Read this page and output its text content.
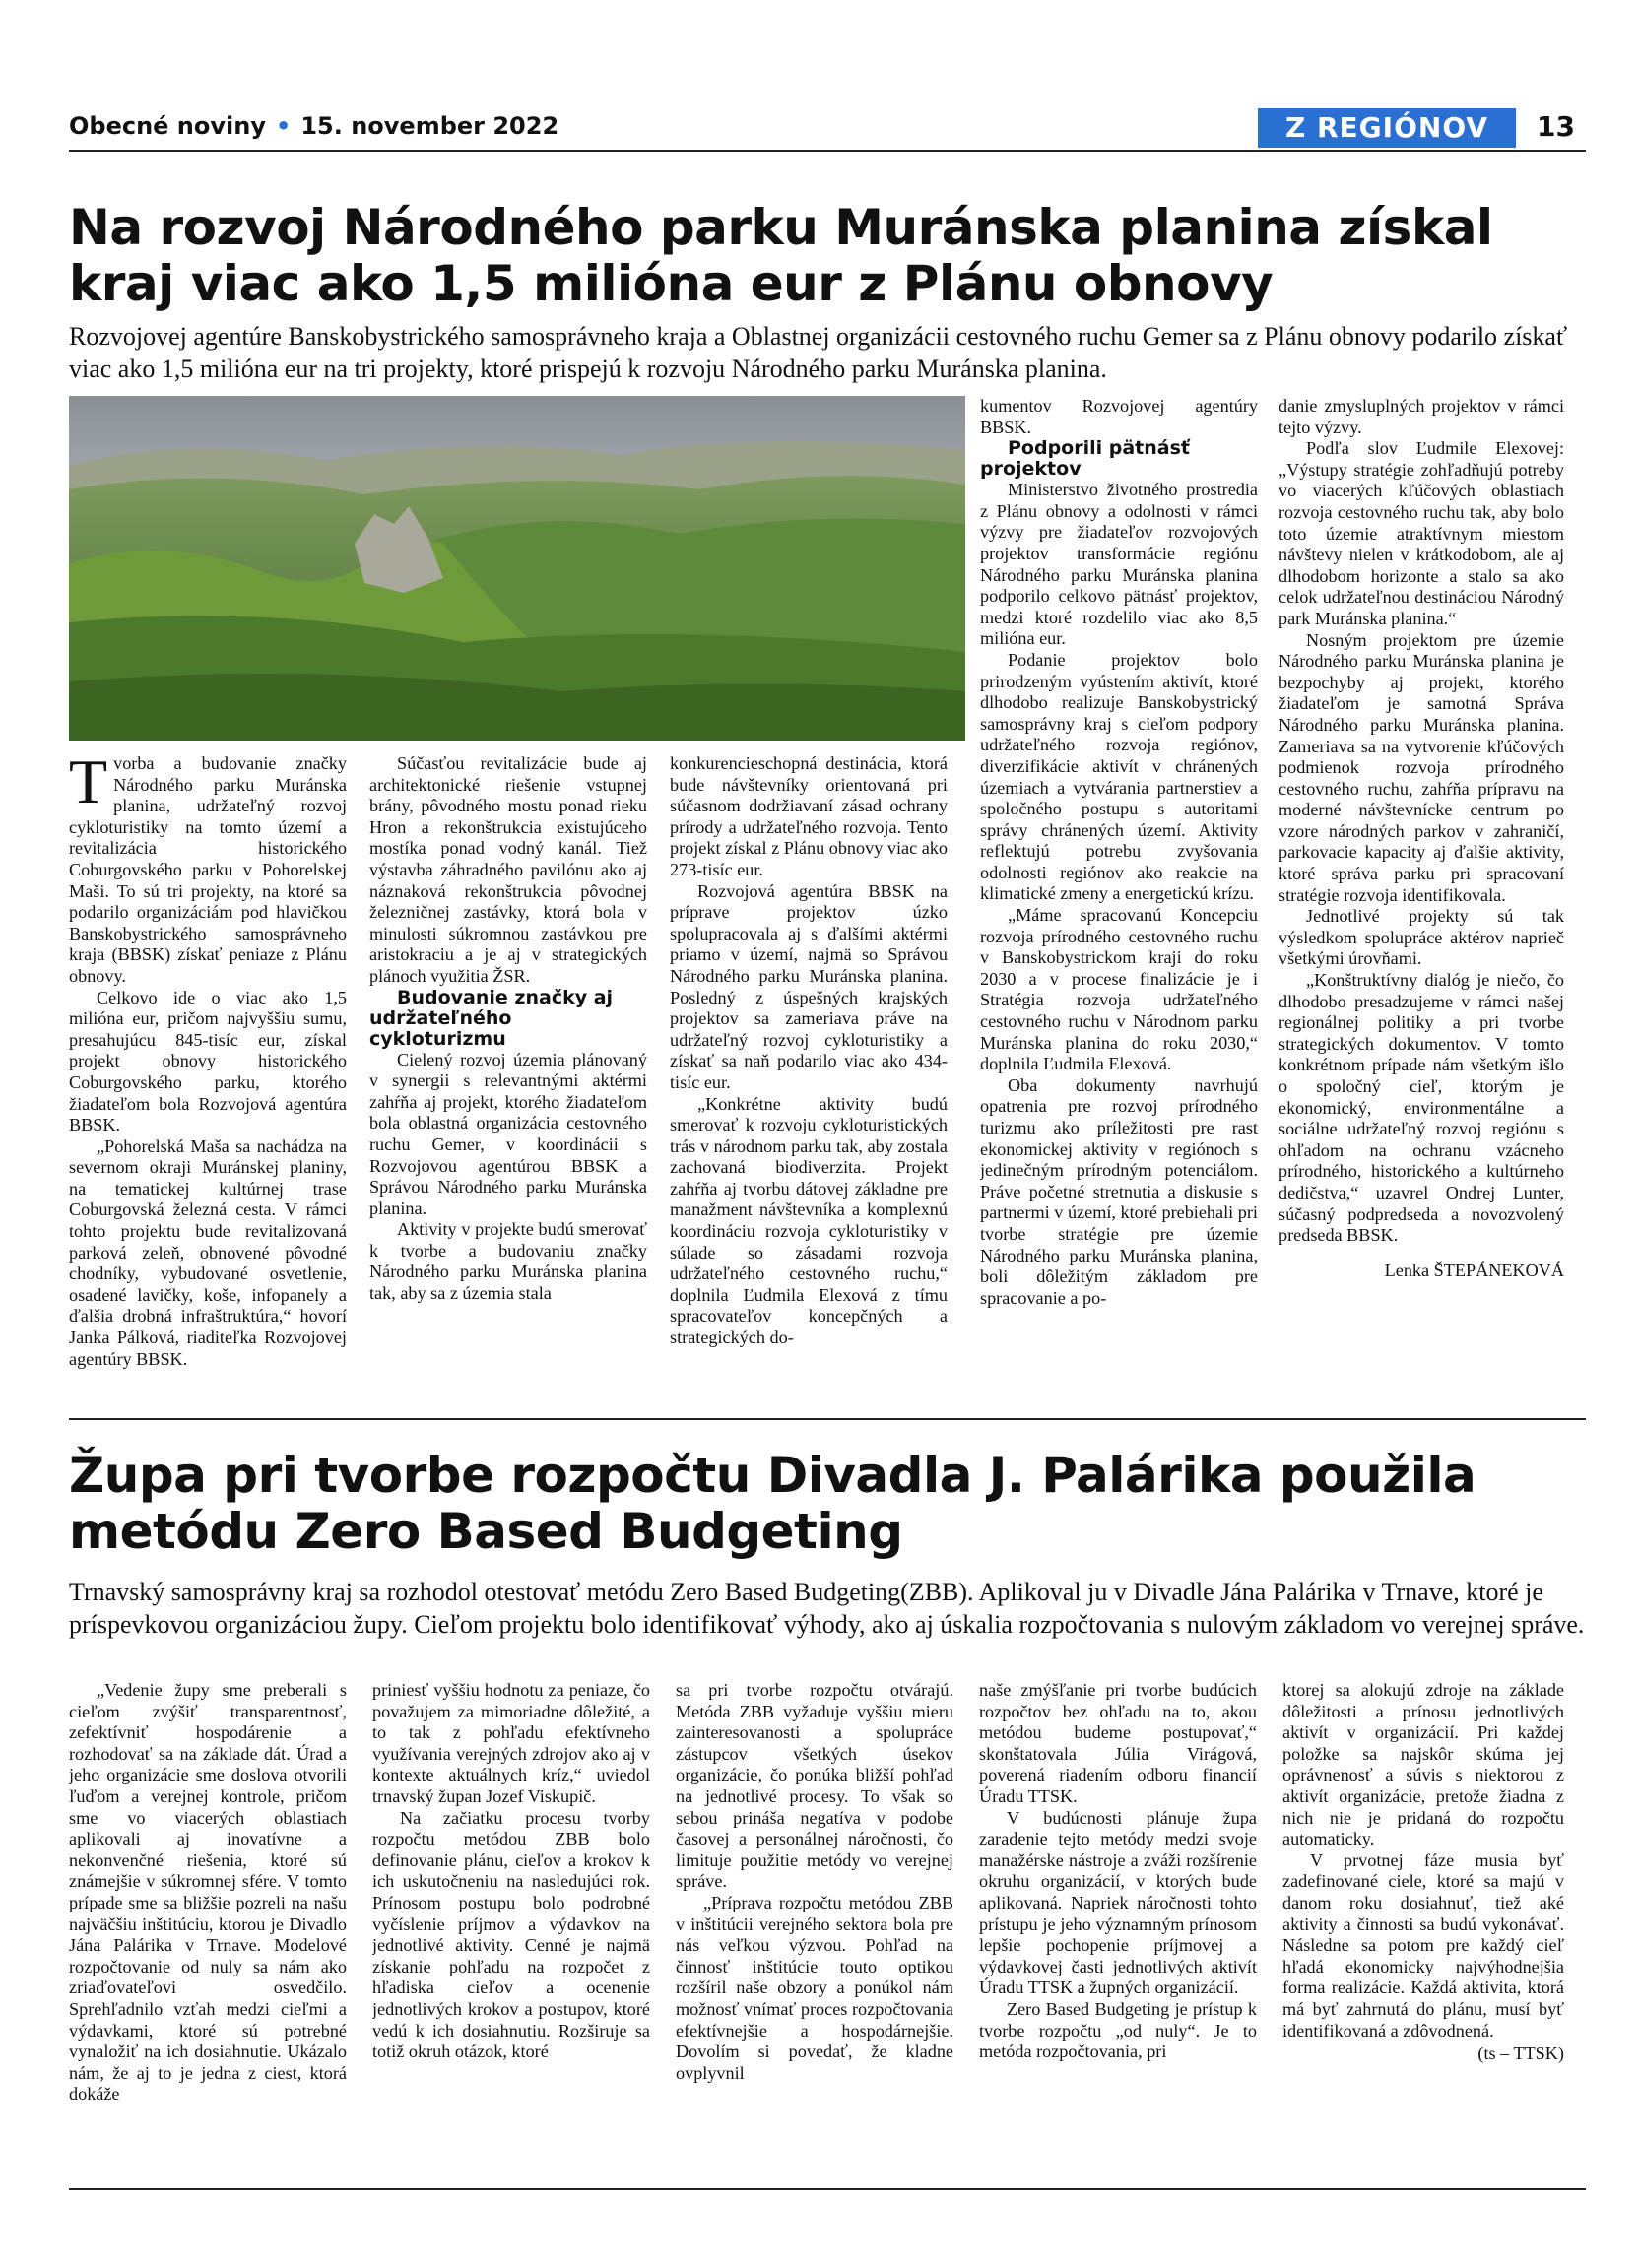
Obecné noviny • 15. november 2022	Z REGIÓNOV	13
Na rozvoj Národného parku Muránska planina získal
kraj viac ako 1,5 milióna eur z Plánu obnovy

Rozvojovej agentúre Banskobystrického samosprávneho kraja a Oblastnej organizácii cestovného ruchu Gemer sa z Plánu obnovy podarilo získať viac ako 1,5 milióna eur na tri projekty, ktoré prispejú k rozvoju Národného parku Muránska planina.

Tvorba a budovanie značky Národného parku Muránska planina, udržateľný rozvoj cykloturistiky na tomto území a revitalizácia historického Coburgovského parku v Pohorelskej Maši. To sú tri projekty, na ktoré sa podarilo organizáciám pod hlavičkou Banskobystrického samosprávneho kraja (BBSK) získať peniaze z Plánu obnovy.

Celkovo ide o viac ako 1,5 milióna eur, pričom najvyššiu sumu, presahujúcu 845-tisíc eur, získal projekt obnovy historického Coburgovského parku, ktorého žiadateľom bola Rozvojová agentúra BBSK.

„Pohorelská Maša sa nachádza na severnom okraji Muránskej planiny, na tematickej kultúrnej trase Coburgovská železná cesta. V rámci tohto projektu bude revitalizovaná parková zeleň, obnovené pôvodné chodníky, vybudované osvetlenie, osadené lavičky, koše, infopanely a ďalšia drobná infraštruktúra,“ hovorí Janka Pálková, riaditeľka Rozvojovej agentúry BBSK.

Súčasťou revitalizácie bude aj architektonické riešenie vstupnej brány, pôvodného mostu ponad rieku Hron a rekonštrukcia existujúceho mostíka ponad vodný kanál. Tiež výstavba záhradného pavilónu ako aj náznaková rekonštrukcia pôvodnej železničnej zastávky, ktorá bola v minulosti súkromnou zastávkou pre aristokraciu a je aj v strategických plánoch využitia ŽSR.

Budovanie značky aj udržateľného cykloturizmu

Cielený rozvoj územia plánovaný v synergii s relevantnými aktérmi zahŕňa aj projekt, ktorého žiadateľom bola oblastná organizácia cestovného ruchu Gemer, v koordinácii s Rozvojovou agentúrou BBSK a Správou Národného parku Muránska planina.

Aktivity v projekte budú smerovať k tvorbe a budovaniu značky Národného parku Muránska planina tak, aby sa z územia stala

konkurencieschopná destinácia, ktorá bude návštevníky orientovaná pri súčasnom dodržiavaní zásad ochrany prírody a udržateľného rozvoja. Tento projekt získal z Plánu obnovy viac ako 273-tisíc eur.

Rozvojová agentúra BBSK na príprave projektov úzko spolupracovala aj s ďalšími aktérmi priamo v území, najmä so Správou Národného parku Muránska planina. Posledný z úspešných krajských projektov sa zameriava práve na udržateľný rozvoj cykloturistiky a získať sa naň podarilo viac ako 434-tisíc eur.

„Konkrétne aktivity budú smerovať k rozvoju cykloturistických trás v národnom parku tak, aby zostala zachovaná biodiverzita. Projekt zahŕňa aj tvorbu dátovej základne pre manažment návštevníka a komplexnú koordináciu rozvoja cykloturistiky v súlade so zásadami rozvoja udržateľného cestovného ruchu,“ doplnila Ľudmila Elexová z tímu spracovateľov koncepčných a strategických do-

kumentov Rozvojovej agentúry BBSK.

Podporili pätnásť projektov

Ministerstvo životného prostredia z Plánu obnovy a odolnosti v rámci výzvy pre žiadateľov rozvojových projektov transformácie regiónu Národného parku Muránska planina podporilo celkovo pätnásť projektov, medzi ktoré rozdelilo viac ako 8,5 milióna eur.

Podanie projektov bolo prirodzeným vyústením aktivít, ktoré dlhodobo realizuje Banskobystrický samosprávny kraj s cieľom podpory udržateľného rozvoja regiónov, diverzifikácie aktivít v chránených územiach a vytvárania partnerstiev a spoločného postupu s autoritami správy chránených území. Aktivity reflektujú potrebu zvyšovania odolnosti regiónov ako reakcie na klimatické zmeny a energetickú krízu.

„Máme spracovanú Koncepciu rozvoja prírodného cestovného ruchu v Banskobystrickom kraji do roku 2030 a v procese finalizácie je i Stratégia rozvoja udržateľného cestovného ruchu v Národnom parku Muránska planina do roku 2030,“ doplnila Ľudmila Elexová.

Oba dokumenty navrhujú opatrenia pre rozvoj prírodného turizmu ako príležitosti pre rast ekonomickej aktivity v regiónoch s jedinečným prírodným potenciálom. Práve početné stretnutia a diskusie s partnermi v území, ktoré prebiehali pri tvorbe stratégie pre územie Národného parku Muránska planina, boli dôležitým základom pre spracovanie a po-

danie zmysluplných projektov v rámci tejto výzvy.

Podľa slov Ľudmile Elexovej: „Výstupy stratégie zohľadňujú potreby vo viacerých kľúčových oblastiach rozvoja cestovného ruchu tak, aby bolo toto územie atraktívnym miestom návštevy nielen v krátkodobom, ale aj dlhodobom horizonte a stalo sa ako celok udržateľnou destináciou Národný park Muránska planina.“

Nosným projektom pre územie Národného parku Muránska planina je bezpochyby aj projekt, ktorého žiadateľom je samotná Správa Národného parku Muránska planina. Zameriava sa na vytvorenie kľúčových podmienok rozvoja prírodného cestovného ruchu, zahŕňa prípravu na moderné návštevnícke centrum po vzore národných parkov v zahraničí, parkovacie kapacity aj ďalšie aktivity, ktoré správa parku pri spracovaní stratégie rozvoja identifikovala.

Jednotlivé projekty sú tak výsledkom spolupráce aktérov naprieč všetkými úrovňami.

„Konštruktívny dialóg je niečo, čo dlhodobo presadzujeme v rámci našej regionálnej politiky a pri tvorbe strategických dokumentov. V tomto konkrétnom prípade nám všetkým išlo o spoločný cieľ, ktorým je ekonomický, environmentálne a sociálne udržateľný rozvoj regiónu s ohľadom na ochranu vzácneho prírodného, historického a kultúrneho dedičstva,“ uzavrel Ondrej Lunter, súčasný podpredseda a novozvolený predseda BBSK.

Lenka ŠTEPÁNEKOVÁ

Župa pri tvorbe rozpočtu Divadla J. Palárika použila
metódu Zero Based Budgeting

Trnavský samosprávny kraj sa rozhodol otestovať metódu Zero Based Budgeting(ZBB). Aplikoval ju v Divadle Jána Palárika v Trnave, ktoré je príspevkovou organizáciou župy. Cieľom projektu bolo identifikovať výhody, ako aj úskalia rozpočtovania s nulovým základom vo verejnej správe.

„Vedenie župy sme preberali s cieľom zvýšiť transparentnosť, zefektívniť hospodárenie a rozhodovať sa na základe dát. Úrad a jeho organizácie sme doslova otvorili ľuďom a verejnej kontrole, pričom sme vo viacerých oblastiach aplikovali aj inovatívne a nekonvenčné riešenia, ktoré sú známejšie v súkromnej sfére. V tomto prípade sme sa bližšie pozreli na našu najväčšiu inštitúciu, ktorou je Divadlo Jána Palárika v Trnave. Modelové rozpočtovanie od nuly sa nám ako zriaďovateľovi osvedčilo. Sprehľadnilo vzťah medzi cieľmi a výdavkami, ktoré sú potrebné vynaložiť na ich dosiahnutie. Ukázalo nám, že aj to je jedna z ciest, ktorá dokáže

priniesť vyššiu hodnotu za peniaze, čo považujem za mimoriadne dôležité, a to tak z pohľadu efektívneho využívania verejných zdrojov ako aj v kontexte aktuálnych kríz,“ uviedol trnavský župan Jozef Viskupič.

Na začiatku procesu tvorby rozpočtu metódou ZBB bolo definovanie plánu, cieľov a krokov k ich uskutočneniu na nasledujúci rok. Prínosom postupu bolo podrobné vyčíslenie príjmov a výdavkov na jednotlivé aktivity. Cenné je najmä získanie pohľadu na rozpočet z hľadiska cieľov a ocenenie jednotlivých krokov a postupov, ktoré vedú k ich dosiahnutiu. Rozširuje sa totiž okruh otázok, ktoré

sa pri tvorbe rozpočtu otvárajú. Metóda ZBB vyžaduje vyššiu mieru zainteresovanosti a spolupráce zástupcov všetkých úsekov organizácie, čo ponúka bližší pohľad na jednotlivé procesy. To však so sebou prináša negatíva v podobe časovej a personálnej náročnosti, čo limituje použitie metódy vo verejnej správe.

„Príprava rozpočtu metódou ZBB v inštitúcii verejného sektora bola pre nás veľkou výzvou. Pohľad na činnosť inštitúcie touto optikou rozšíril naše obzory a ponúkol nám možnosť vnímať proces rozpočtovania efektívnejšie a hospodárnejšie. Dovolím si povedať, že kladne ovplyvnil

naše zmýšľanie pri tvorbe budúcich rozpočtov bez ohľadu na to, akou metódou budeme postupovať,“ skonštatovala Júlia Virágová, poverená riadením odboru financií Úradu TTSK.

V budúcnosti plánuje župa zaradenie tejto metódy medzi svoje manažérske nástroje a zváži rozšírenie okruhu organizácií, v ktorých bude aplikovaná. Napriek náročnosti tohto prístupu je jeho významným prínosom lepšie pochopenie príjmovej a výdavkovej časti jednotlivých aktivít Úradu TTSK a župných organizácií.

Zero Based Budgeting je prístup k tvorbe rozpočtu „od nuly“. Je to metóda rozpočtovania, pri

ktorej sa alokujú zdroje na základe dôležitosti a prínosu jednotlivých aktivít v organizácií. Pri každej položke sa najskôr skúma jej oprávnenosť a súvis s niektorou z aktivít organizácie, pretože žiadna z nich nie je pridaná do rozpočtu automaticky.

V prvotnej fáze musia byť zadefinované ciele, ktoré sa majú v danom roku dosiahnuť, tiež aké aktivity a činnosti sa budú vykonávať. Následne sa potom pre každý cieľ hľadá ekonomicky najvýhodnejšia forma realizácie. Každá aktivita, ktorá má byť zahrnutá do plánu, musí byť identifikovaná a zdôvodnená.

(ts – TTSK)
